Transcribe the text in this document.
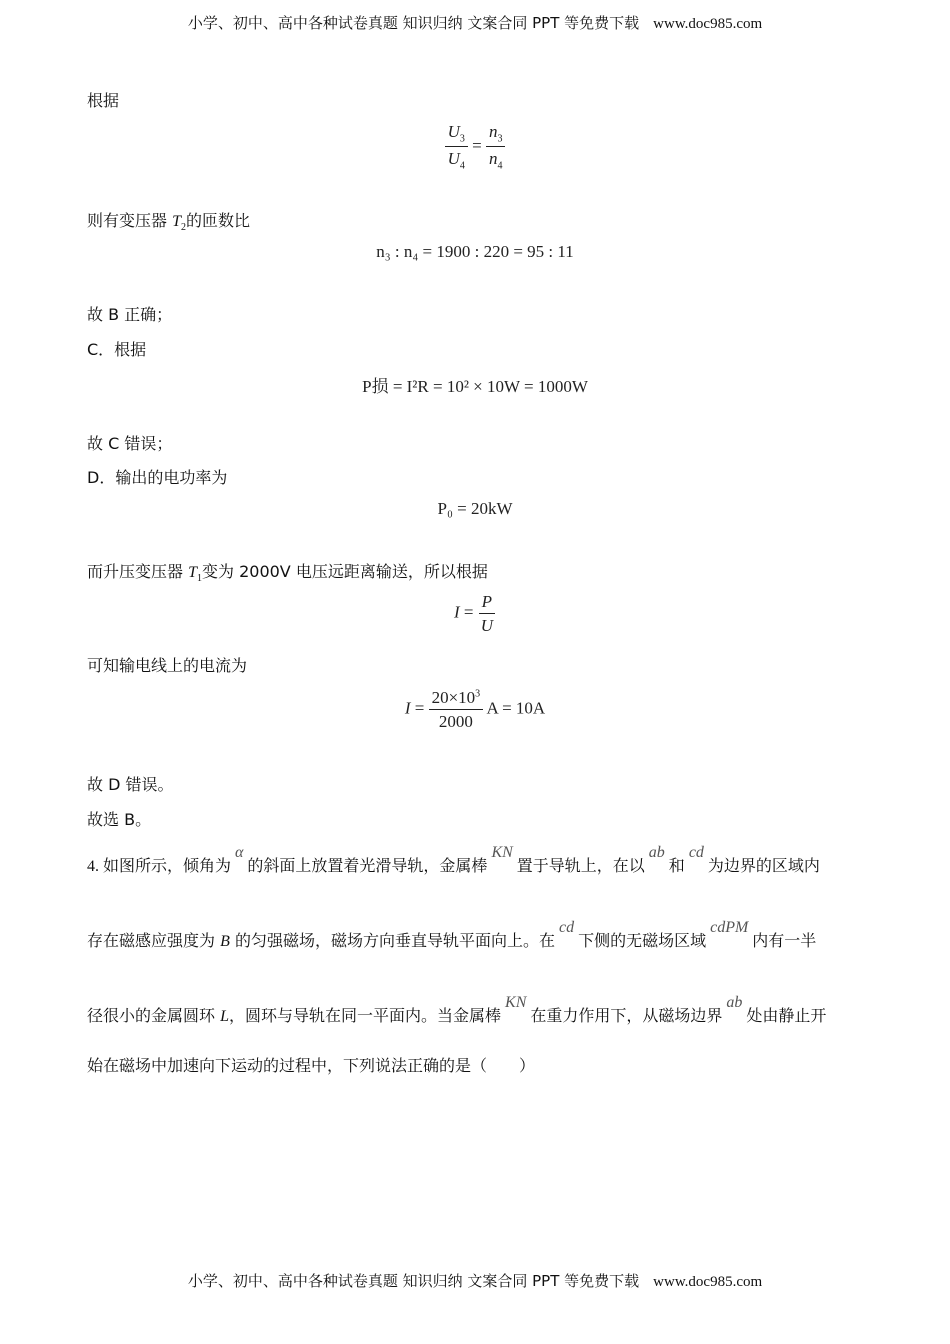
小学、初中、高中各种试卷真题 知识归纳 文案合同 PPT 等免费下载 www.doc985.com
根据
$\frac{U_3}{U_4} = \frac{n_3}{n_4}$
则有变压器 $T_2$的匝数比
n₃ : n₄ = 1900 : 220 = 95 : 11
故 B 正确；
C．根据
P损 = I²R = 10² × 10W = 1000W
故 C 错误；
D．输出的电功率为
P₀ = 20kW
而升压变压器 $T_1$变为 2000V 电压远距离输送，所以根据
$I = \frac{P}{U}$
可知输电线上的电流为
$I = \frac{20\times 10^3}{2000}$ A = 10A
故 D 错误。
故选 B。
4. 如图所示，倾角为α的斜面上放置着光滑导轨，金属棒KN置于导轨上，在以ab和cd为边界的区域内
存在磁感应强度为 B 的匀强磁场，磁场方向垂直导轨平面向上。在cd下侧的无磁场区域cdPM内有一半
径很小的金属圆环 L，圆环与导轨在同一平面内。当金属棒KN在重力作用下，从磁场边界ab处由静止开
始在磁场中加速向下运动的过程中，下列说法正确的是（　　）
小学、初中、高中各种试卷真题 知识归纳 文案合同 PPT 等免费下载 www.doc985.com
